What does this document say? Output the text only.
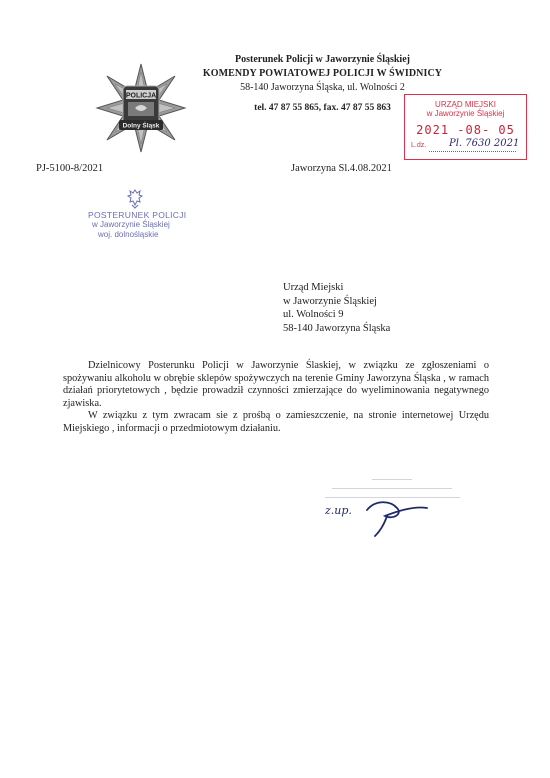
Posterunek Policji w Jaworzynie Śląskiej
KOMENDY POWIATOWEJ POLICJI W ŚWIDNICY
58-140 Jaworzyna Śląska, ul. Wolności 2
tel. 47 87 55 865, fax. 47 87 55 863
POLICJA
Dolny Śląsk
URZĄD MIEJSKI
w Jaworzynie Śląskiej
2021 -08- 05
L.dz. Pl. 7630 2021
PJ-5100-8/2021	Jaworzyna Sl.4.08.2021
POSTERUNEK POLICJI
w Jaworzynie Śląskiej
woj. dolnośląskie
Urząd Miejski
w Jaworzynie Śląskiej
ul. Wolności 9
58-140 Jaworzyna Śląska

Dzielnicowy Posterunku Policji w Jaworzynie Ślaskiej, w związku ze zgłoszeniami o spożywaniu alkoholu w obrębie sklepów spożywczych na terenie Gminy Jaworzyna Śląska , w ramach działań priorytetowych , będzie prowadził czynności zmierzające do wyeliminowania negatywnego zjawiska.

W związku z tym zwracam sie z prośbą o zamieszczenie, na stronie internetowej Urzędu Miejskiego , informacji o przedmiotowym działaniu.

z.up.
